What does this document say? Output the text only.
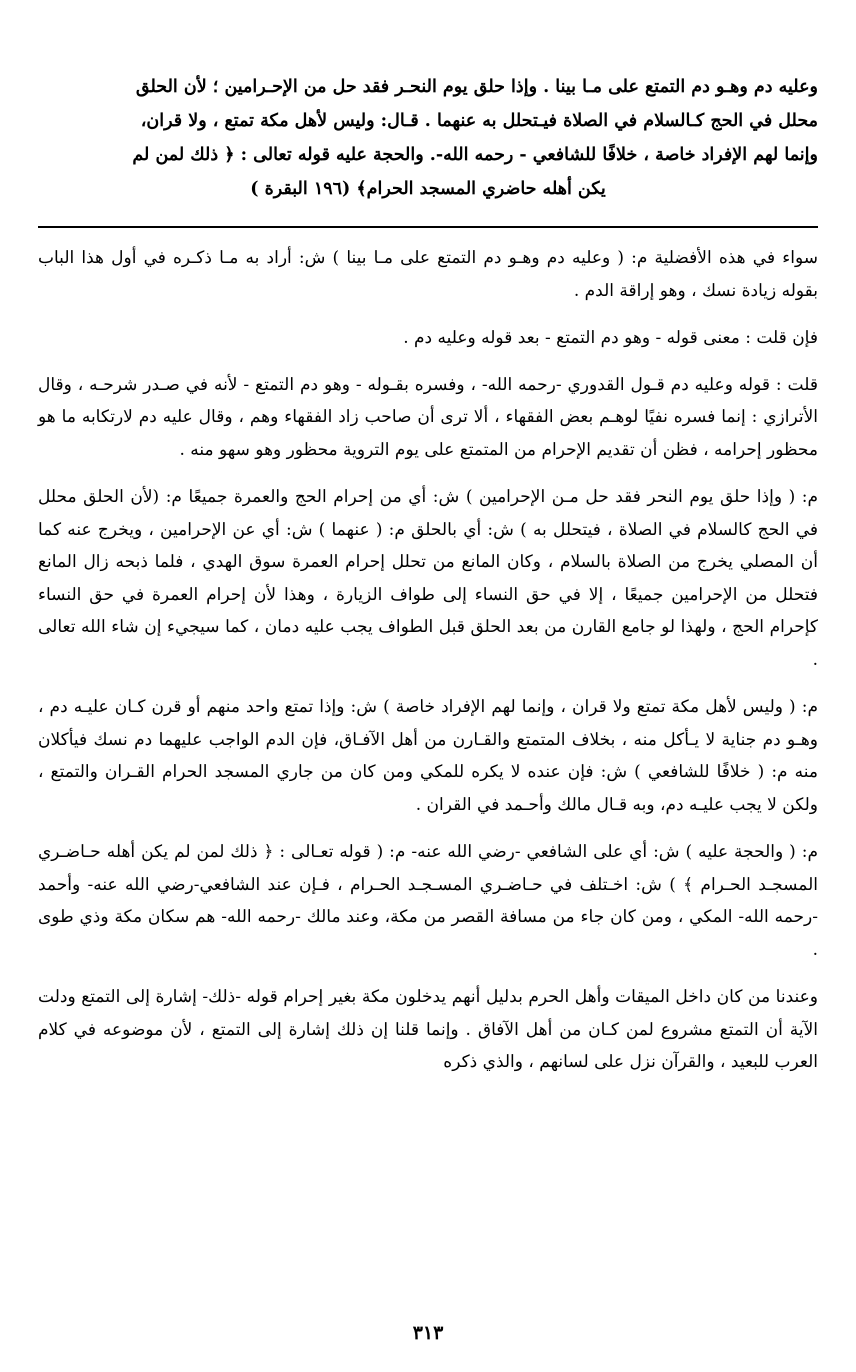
وعليه دم وهـو دم التمتع على مـا بينا . وإذا حلق يوم النحـر فقد حل من الإحـرامين ؛ لأن الحلق

محلل في الحج كـالسلام في الصلاة فيـتحلل به عنهما . قـال: وليس لأهل مكة تمتع ، ولا قران،

وإنما لهم الإفراد خاصة ، خلافًا للشافعي - رحمه الله-. والحجة عليه قوله تعالى : ﴿ ذلك لمن لم

يكن أهله حاضري المسجد الحرام﴾ (١٩٦ البقرة )

سواء في هذه الأفضلية م: ( وعليه دم وهـو دم التمتع على مـا بينا ) ش: أراد به مـا ذكـره في أول هذا الباب بقوله زيادة نسك ، وهو إراقة الدم .

فإن قلت : معنى قوله - وهو دم التمتع - بعد قوله وعليه دم .

قلت : قوله وعليه دم قـول القدوري -رحمه الله- ، وفسره بقـوله - وهو دم التمتع - لأنه في صـدر شرحـه ، وقال الأترازي : إنما فسره نفيًا لوهـم بعض الفقهاء ، ألا ترى أن صاحب زاد الفقهاء وهم ، وقال عليه دم لارتكابه ما هو محظور إحرامه ، فظن أن تقديم الإحرام من المتمتع على يوم التروية محظور وهو سهو منه .

م: ( وإذا حلق يوم النحر فقد حل مـن الإحرامين ) ش: أي من إحرام الحج والعمرة جميعًا م: (لأن الحلق محلل في الحج كالسلام في الصلاة ، فيتحلل به ) ش: أي بالحلق م: ( عنهما ) ش: أي عن الإحرامين ، ويخرج عنه كما أن المصلي يخرج من الصلاة بالسلام ، وكان المانع من تحلل إحرام العمرة سوق الهدي ، فلما ذبحه زال المانع فتحلل من الإحرامين جميعًا ، إلا في حق النساء إلى طواف الزيارة ، وهذا لأن إحرام العمرة في حق النساء كإحرام الحج ، ولهذا لو جامع القارن من بعد الحلق قبل الطواف يجب عليه دمان ، كما سيجيء إن شاء الله تعالى .

م: ( وليس لأهل مكة تمتع ولا قران ، وإنما لهم الإفراد خاصة ) ش: وإذا تمتع واحد منهم أو قرن كـان عليـه دم ، وهـو دم جناية لا يـأكل منه ، بخلاف المتمتع والقـارن من أهل الآفـاق، فإن الدم الواجب عليهما دم نسك فيأكلان منه م: ( خلافًا للشافعي ) ش: فإن عنده لا يكره للمكي ومن كان من جاري المسجد الحرام القـران والتمتع ، ولكن لا يجب عليـه دم، وبه قـال مالك وأحـمد في القران .

م: ( والحجة عليه ) ش: أي على الشافعي -رضي الله عنه- م: ( قوله تعـالى : ﴿ ذلك لمن لم يكن أهله حـاضـري المسجـد الحـرام ﴾ ) ش: اخـتلف في حـاضـري المسـجـد الحـرام ، فـإن عند الشافعي-رضي الله عنه- وأحمد -رحمه الله- المكي ، ومن كان جاء من مسافة القصر من مكة، وعند مالك -رحمه الله- هم سكان مكة وذي طوى .

وعندنا من كان داخل الميقات وأهل الحرم بدليل أنهم يدخلون مكة بغير إحرام قوله -ذلك- إشارة إلى التمتع ودلت الآية أن التمتع مشروع لمن كـان من أهل الآفاق . وإنما قلنا إن ذلك إشارة إلى التمتع ، لأن موضوعه في كلام العرب للبعيد ، والقرآن نزل على لسانهم ، والذي ذكره

٣١٣
